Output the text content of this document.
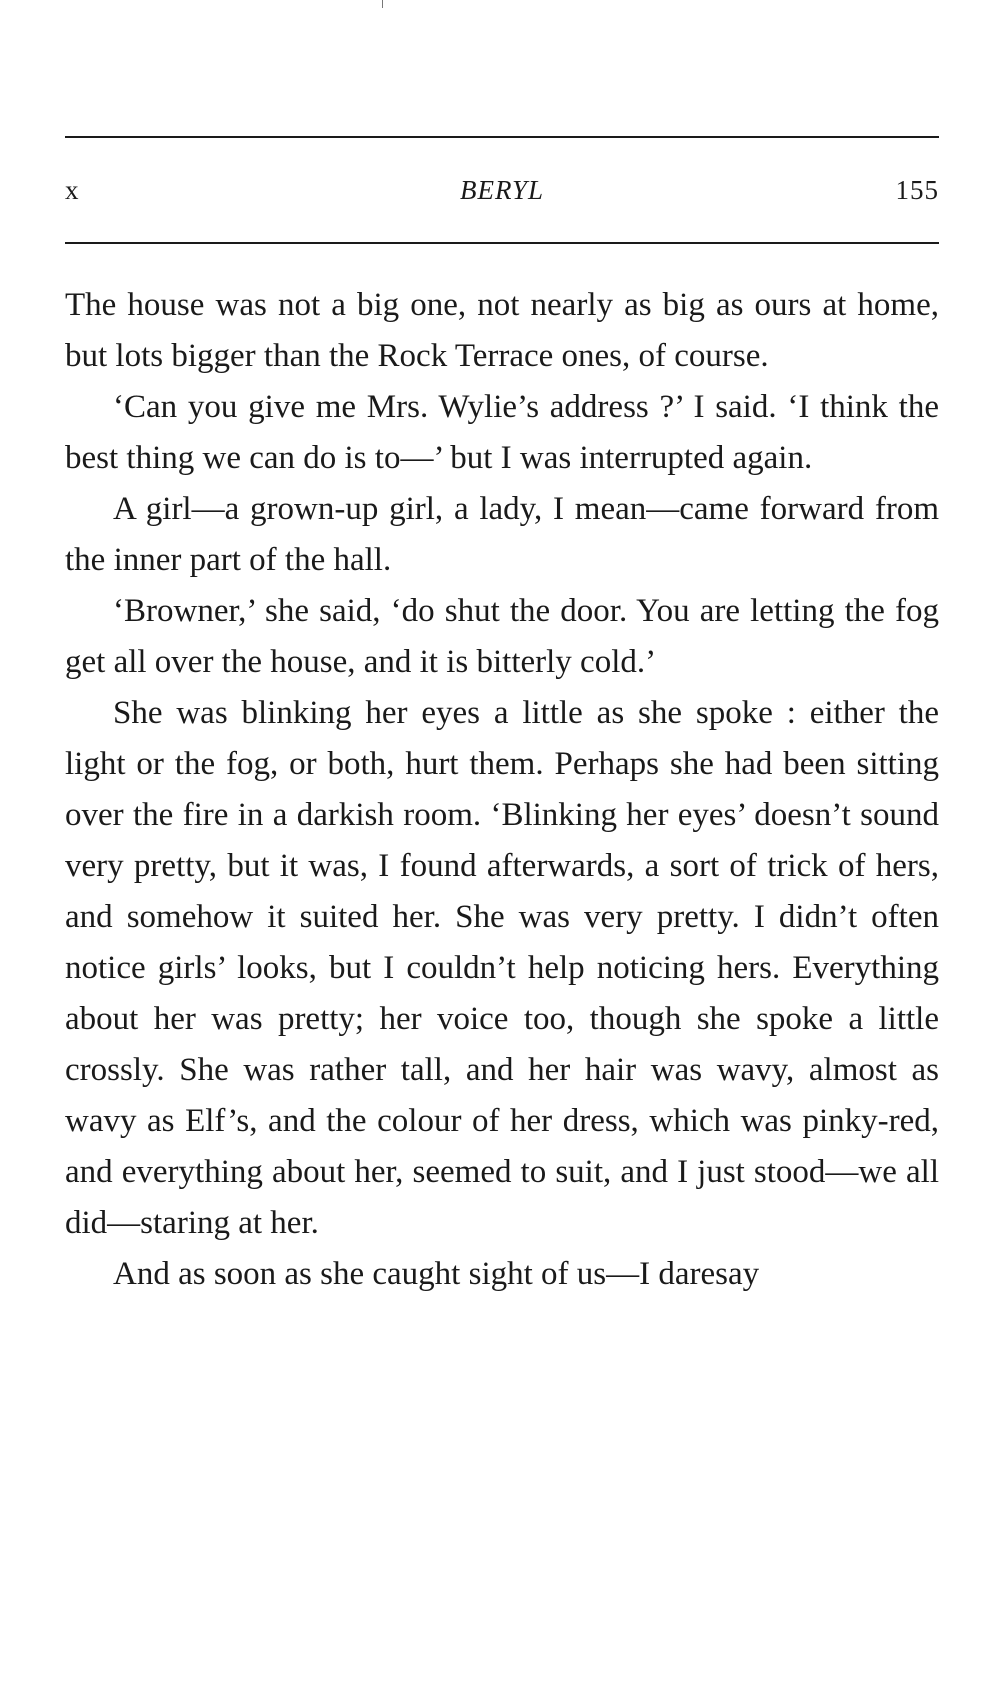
x	BERYL	155

The house was not a big one, not nearly as big as ours at home, but lots bigger than the Rock Terrace ones, of course.

‘Can you give me Mrs. Wylie’s address ?’ I said. ‘I think the best thing we can do is to—’ but I was interrupted again.

A girl—a grown-up girl, a lady, I mean—came forward from the inner part of the hall.

‘Browner,’ she said, ‘do shut the door. You are letting the fog get all over the house, and it is bitterly cold.’

She was blinking her eyes a little as she spoke : either the light or the fog, or both, hurt them. Perhaps she had been sitting over the fire in a darkish room. ‘Blinking her eyes’ doesn’t sound very pretty, but it was, I found afterwards, a sort of trick of hers, and somehow it suited her. She was very pretty. I didn’t often notice girls’ looks, but I couldn’t help noticing hers. Everything about her was pretty; her voice too, though she spoke a little crossly. She was rather tall, and her hair was wavy, almost as wavy as Elf’s, and the colour of her dress, which was pinky-red, and everything about her, seemed to suit, and I just stood—we all did—staring at her.

And as soon as she caught sight of us—I daresay
